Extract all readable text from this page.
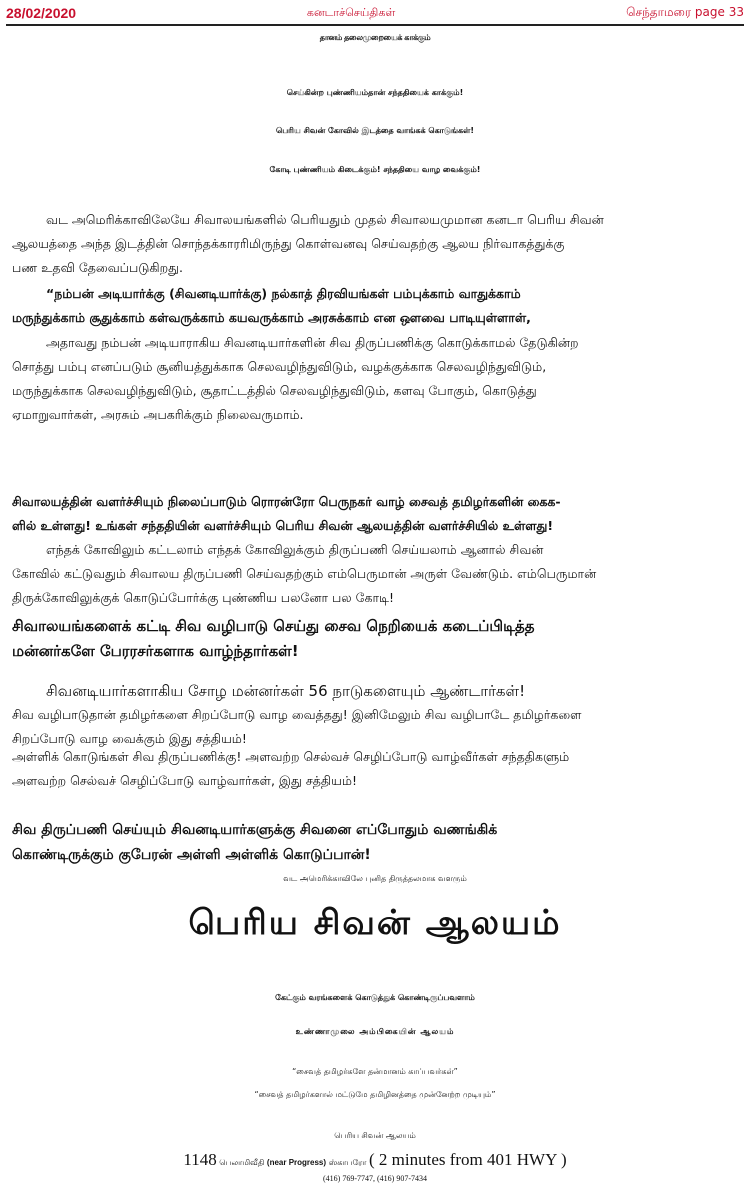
28/02/2020	கனடாச்செய்திகள்	செந்தாமரை page 33
தானம் தலைமுறையைக் காக்கும்
செய்கின்ற புண்ணியம்தான் சந்ததியைக் காக்கும்!
பெரிய சிவன் கோவில் இடத்தை வாங்கக் கொடுங்கள்!
கோடி புண்ணியம் கிடைக்கும்! சந்ததியை வாழ வைக்கும்!
வட அமெரிக்காவிலேயே சிவாலயங்களில் பெரியதும் முதல் சிவாலயமுமான கனடா பெரிய சிவன்
ஆலயத்தை அந்த இடத்தின் சொந்தக்காரரிமிருந்து கொள்வனவு செய்வதற்கு ஆலய நிர்வாகத்துக்கு
பண உதவி தேவைப்படுகிறது.
“நம்பன் அடியார்க்கு (சிவனடியார்க்கு) நல்காத் திரவியங்கள் பம்புக்காம் வாதுக்காம்
மருந்துக்காம் சூதுக்காம் கள்வருக்காம் கயவருக்காம் அரசுக்காம் என ஔவை பாடியுள்ளாள்,
அதாவது நம்பன் அடியாராகிய சிவனடியார்களின் சிவ திருப்பணிக்கு கொடுக்காமல் தேடுகின்ற
சொத்து பம்பு எனப்படும் சூனியத்துக்காக செலவழிந்துவிடும், வழக்குக்காக செலவழிந்துவிடும்,
மருந்துக்காக செலவழிந்துவிடும், சூதாட்டத்தில் செலவழிந்துவிடும், களவு போகும், கொடுத்து
ஏமாறுவார்கள், அரசும் அபகரிக்கும் நிலைவருமாம்.
சிவாலயத்தின் வளர்ச்சியும் நிலைப்பாடும் ரொரன்ரோ பெருநகர் வாழ் சைவத் தமிழர்களின் கைக-
ளில் உள்ளது! உங்கள் சந்ததியின் வளர்ச்சியும் பெரிய சிவன் ஆலயத்தின் வளர்ச்சியில் உள்ளது!
எந்தக் கோவிலும் கட்டலாம் எந்தக் கோவிலுக்கும் திருப்பணி செய்யலாம் ஆனால் சிவன்
கோவில் கட்டுவதும் சிவாலய திருப்பணி செய்வதற்கும் எம்பெருமான் அருள் வேண்டும். எம்பெருமான்
திருக்கோவிலுக்குக் கொடுப்போர்க்கு புண்ணிய பலனோ பல கோடி!
சிவாலயங்களைக் கட்டி சிவ வழிபாடு செய்து சைவ நெறியைக் கடைப்பிடித்த
மன்னர்களே பேரரசர்களாக வாழ்ந்தார்கள்!
சிவனடியார்களாகிய சோழ மன்னர்கள் 56 நாடுகளையும் ஆண்டார்கள்!
சிவ வழிபாடுதான் தமிழர்களை சிறப்போடு வாழ வைத்தது! இனிமேலும் சிவ வழிபாடே தமிழர்களை
சிறப்போடு வாழ வைக்கும் இது சத்தியம்!
அள்ளிக் கொடுங்கள் சிவ திருப்பணிக்கு! அளவற்ற செல்வச் செழிப்போடு வாழ்வீர்கள் சந்ததிகளும்
அளவற்ற செல்வச் செழிப்போடு வாழ்வார்கள், இது சத்தியம்!
சிவ திருப்பணி செய்யும் சிவனடியார்களுக்கு சிவனை எப்போதும் வணங்கிக்
கொண்டிருக்கும் குபேரன் அள்ளி அள்ளிக் கொடுப்பான்!
வட அமெரிக்காவிலே புனித திருத்தலமாக வளரும்
பெரிய சிவன் ஆலயம்
கேட்கும் வரங்களைக் கொடுத்துக் கொண்டிருப்பவளாம்
உண்ணாமுலை அம்பிகையின் ஆலயம்
“சைவத் தமிழர்களே தன்மானம் காப்பவர்கள்”
“சைவத் தமிழர்களால் மட்டுமே தமிழினத்தை முன்னேற்ற முடியும்”
பெரிய சிவன் ஆலயம்
1148 பெலாமிவீதி (near Progress) ஸ்காபரோ ( 2 minutes from 401 HWY )
(416) 769-7747, (416) 907-7434
